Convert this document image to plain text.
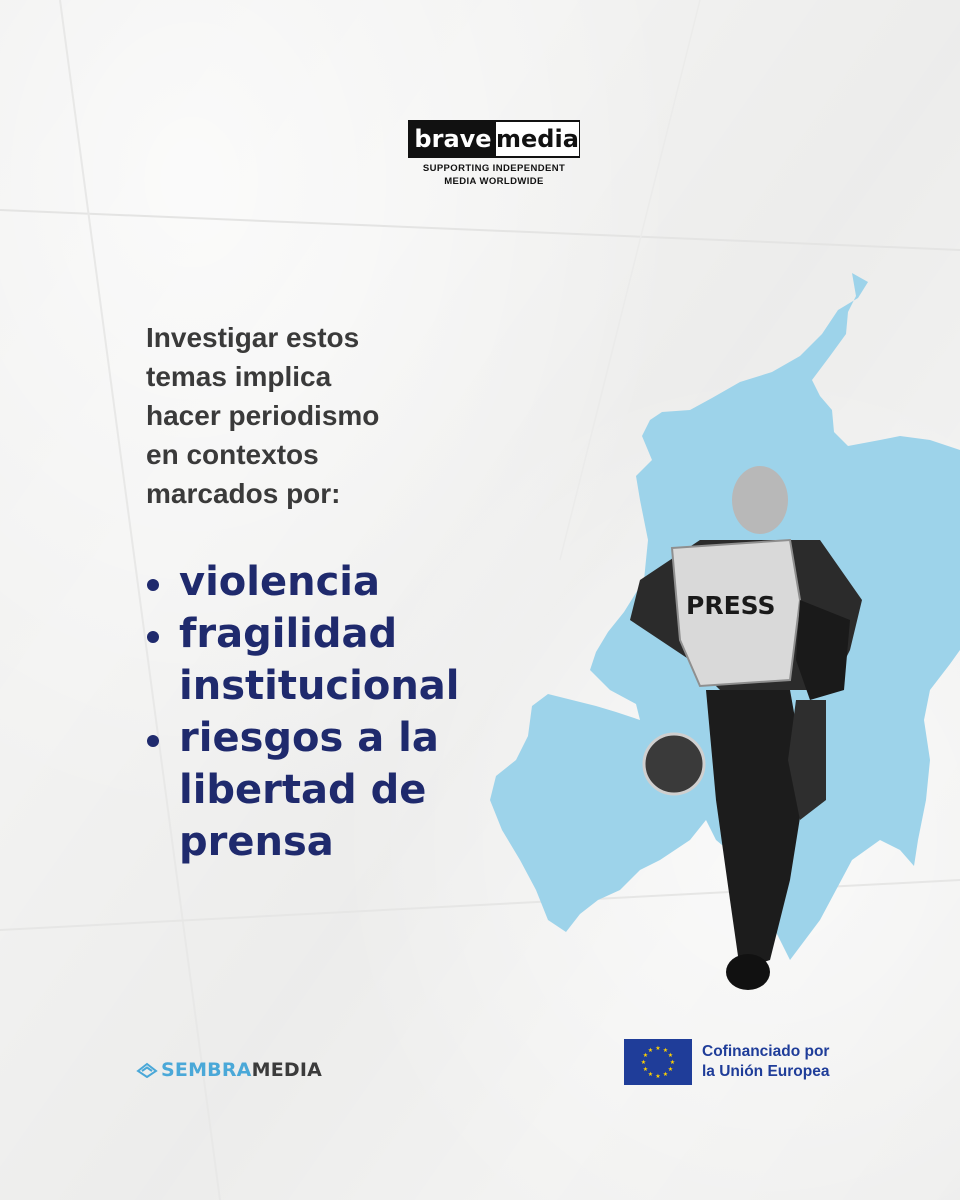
brave media
SUPPORTING INDEPENDENT
MEDIA WORLDWIDE
PRESS
Investigar estos
temas implica
hacer periodismo
en contextos
marcados por:
violencia
fragilidad
institucional
riesgos a la
libertad de
prensa
SEMBRA MEDIA
★ ★
★
★
★
★
★
★
★
★
★
★	Cofinanciado por
la Unión Europea
